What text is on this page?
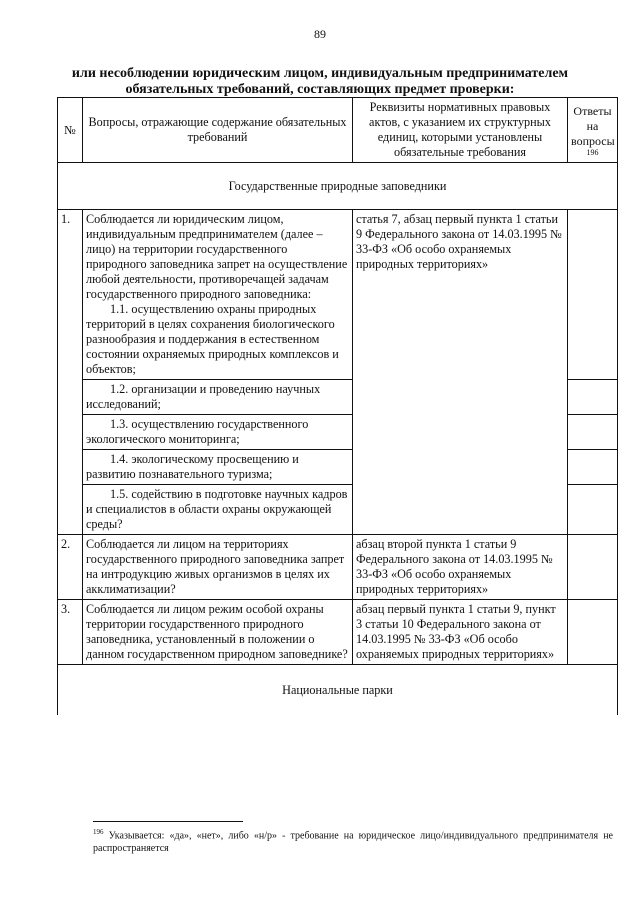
89
или несоблюдении юридическим лицом, индивидуальным предпринимателем
обязательных требований, составляющих предмет проверки:
№	Вопросы, отражающие содержание обязательных требований	Реквизиты нормативных правовых актов, с указанием их структурных единиц, которыми установлены обязательные требования	Ответы на вопросы
196

Государственные природные заповедники			
1.	Соблюдается ли юридическим лицом, индивидуальным предпринимателем (далее – лицо) на территории государственного природного заповедника запрет на осуществление любой деятельности, противоречащей задачам государственного природного заповедника:
1.1. осуществлению охраны природных территорий в целях сохранения биологического разнообразия и поддержания в естественном состоянии охраняемых природных комплексов и объектов;	статья 7, абзац первый пункта 1 статьи 9 Федерального закона от 14.03.1995 № 33-ФЗ «Об особо охраняемых природных территориях»	
	1.2. организации и проведению научных исследований;		
	1.3. осуществлению государственного экологического мониторинга;		
	1.4. экологическому просвещению и развитию познавательного туризма;		
	1.5. содействию в подготовке научных кадров и специалистов в области охраны окружающей среды?		
2.	Соблюдается ли лицом на территориях государственного природного заповедника запрет на интродукцию живых организмов в целях их акклиматизации?	абзац второй пункта 1 статьи 9 Федерального закона от 14.03.1995 № 33-ФЗ «Об особо охраняемых природных территориях»	
3.	Соблюдается ли лицом режим особой охраны территории государственного природного заповедника, установленный в положении о данном государственном природном заповеднике?	абзац первый пункта 1 статьи 9, пункт 3 статьи 10 Федерального закона от 14.03.1995 № 33-ФЗ «Об особо охраняемых природных территориях»	
Национальные парки			
$^{196}$ Указывается: «да», «нет», либо «н/р» - требование на юридическое лицо/индивидуального предпринимателя не распространяется
